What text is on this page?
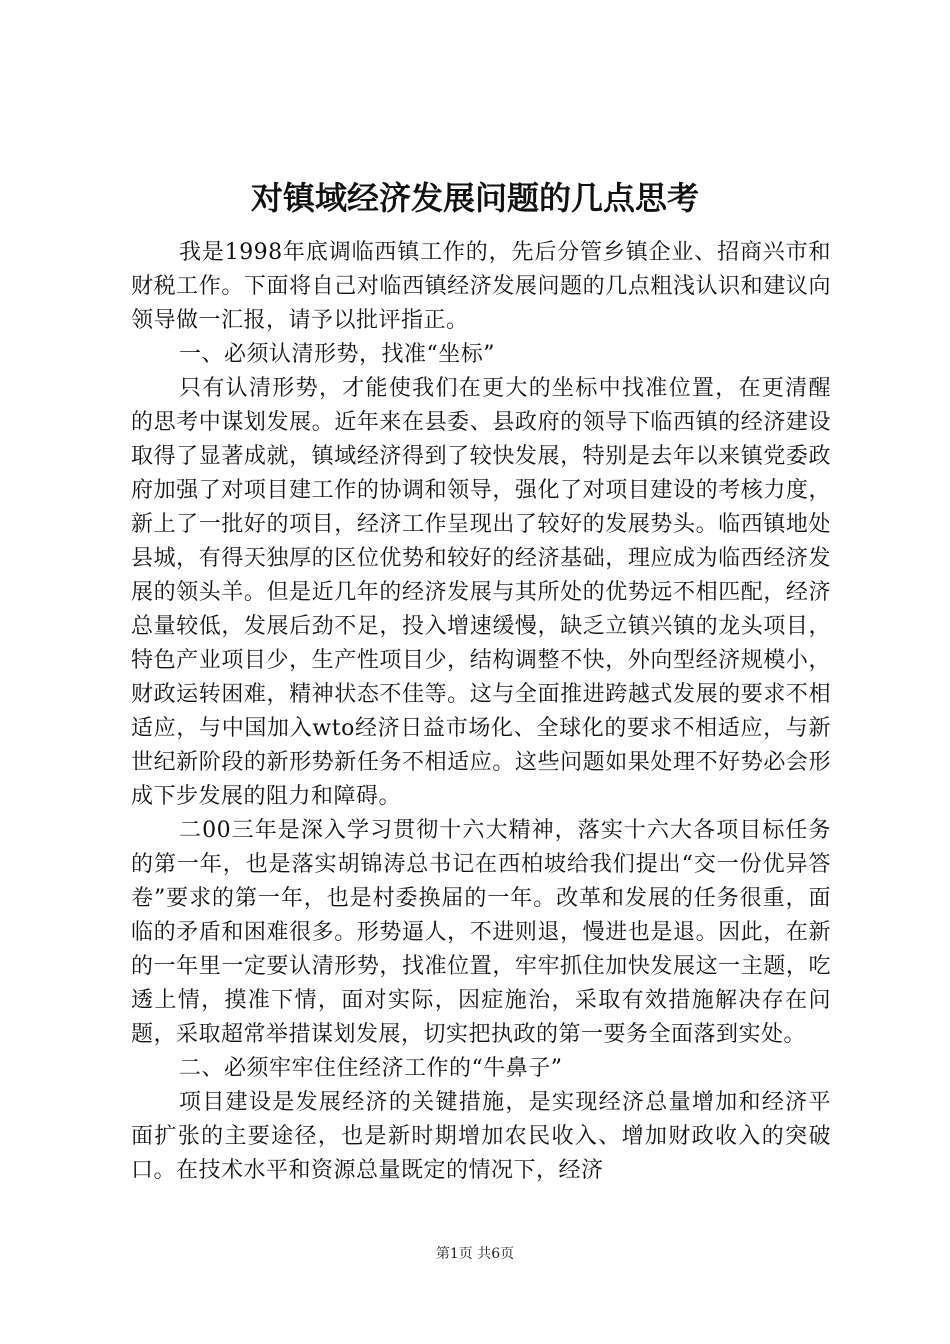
对镇域经济发展问题的几点思考

我是1998年底调临西镇工作的，先后分管乡镇企业、招商兴市和财税工作。下面将自己对临西镇经济发展问题的几点粗浅认识和建议向领导做一汇报，请予以批评指正。

一、必须认清形势，找准“坐标”

只有认清形势，才能使我们在更大的坐标中找准位置，在更清醒的思考中谋划发展。近年来在县委、县政府的领导下临西镇的经济建设取得了显著成就，镇域经济得到了较快发展，特别是去年以来镇党委政府加强了对项目建工作的协调和领导，强化了对项目建设的考核力度，新上了一批好的项目，经济工作呈现出了较好的发展势头。临西镇地处县城，有得天独厚的区位优势和较好的经济基础，理应成为临西经济发展的领头羊。但是近几年的经济发展与其所处的优势远不相匹配，经济总量较低，发展后劲不足，投入增速缓慢，缺乏立镇兴镇的龙头项目，特色产业项目少，生产性项目少，结构调整不快，外向型经济规模小，财政运转困难，精神状态不佳等。这与全面推进跨越式发展的要求不相适应，与中国加入wto经济日益市场化、全球化的要求不相适应，与新世纪新阶段的新形势新任务不相适应。这些问题如果处理不好势必会形成下步发展的阻力和障碍。

二00三年是深入学习贯彻十六大精神，落实十六大各项目标任务的第一年，也是落实胡锦涛总书记在西柏坡给我们提出“交一份优异答卷”要求的第一年，也是村委换届的一年。改革和发展的任务很重，面临的矛盾和困难很多。形势逼人，不进则退，慢进也是退。因此，在新的一年里一定要认清形势，找准位置，牢牢抓住加快发展这一主题，吃透上情，摸准下情，面对实际，因症施治，采取有效措施解决存在问题，采取超常举措谋划发展，切实把执政的第一要务全面落到实处。

二、必须牢牢住住经济工作的“牛鼻子”

项目建设是发展经济的关键措施，是实现经济总量增加和经济平面扩张的主要途径，也是新时期增加农民收入、增加财政收入的突破口。在技术水平和资源总量既定的情况下，经济

第1页 共6页
